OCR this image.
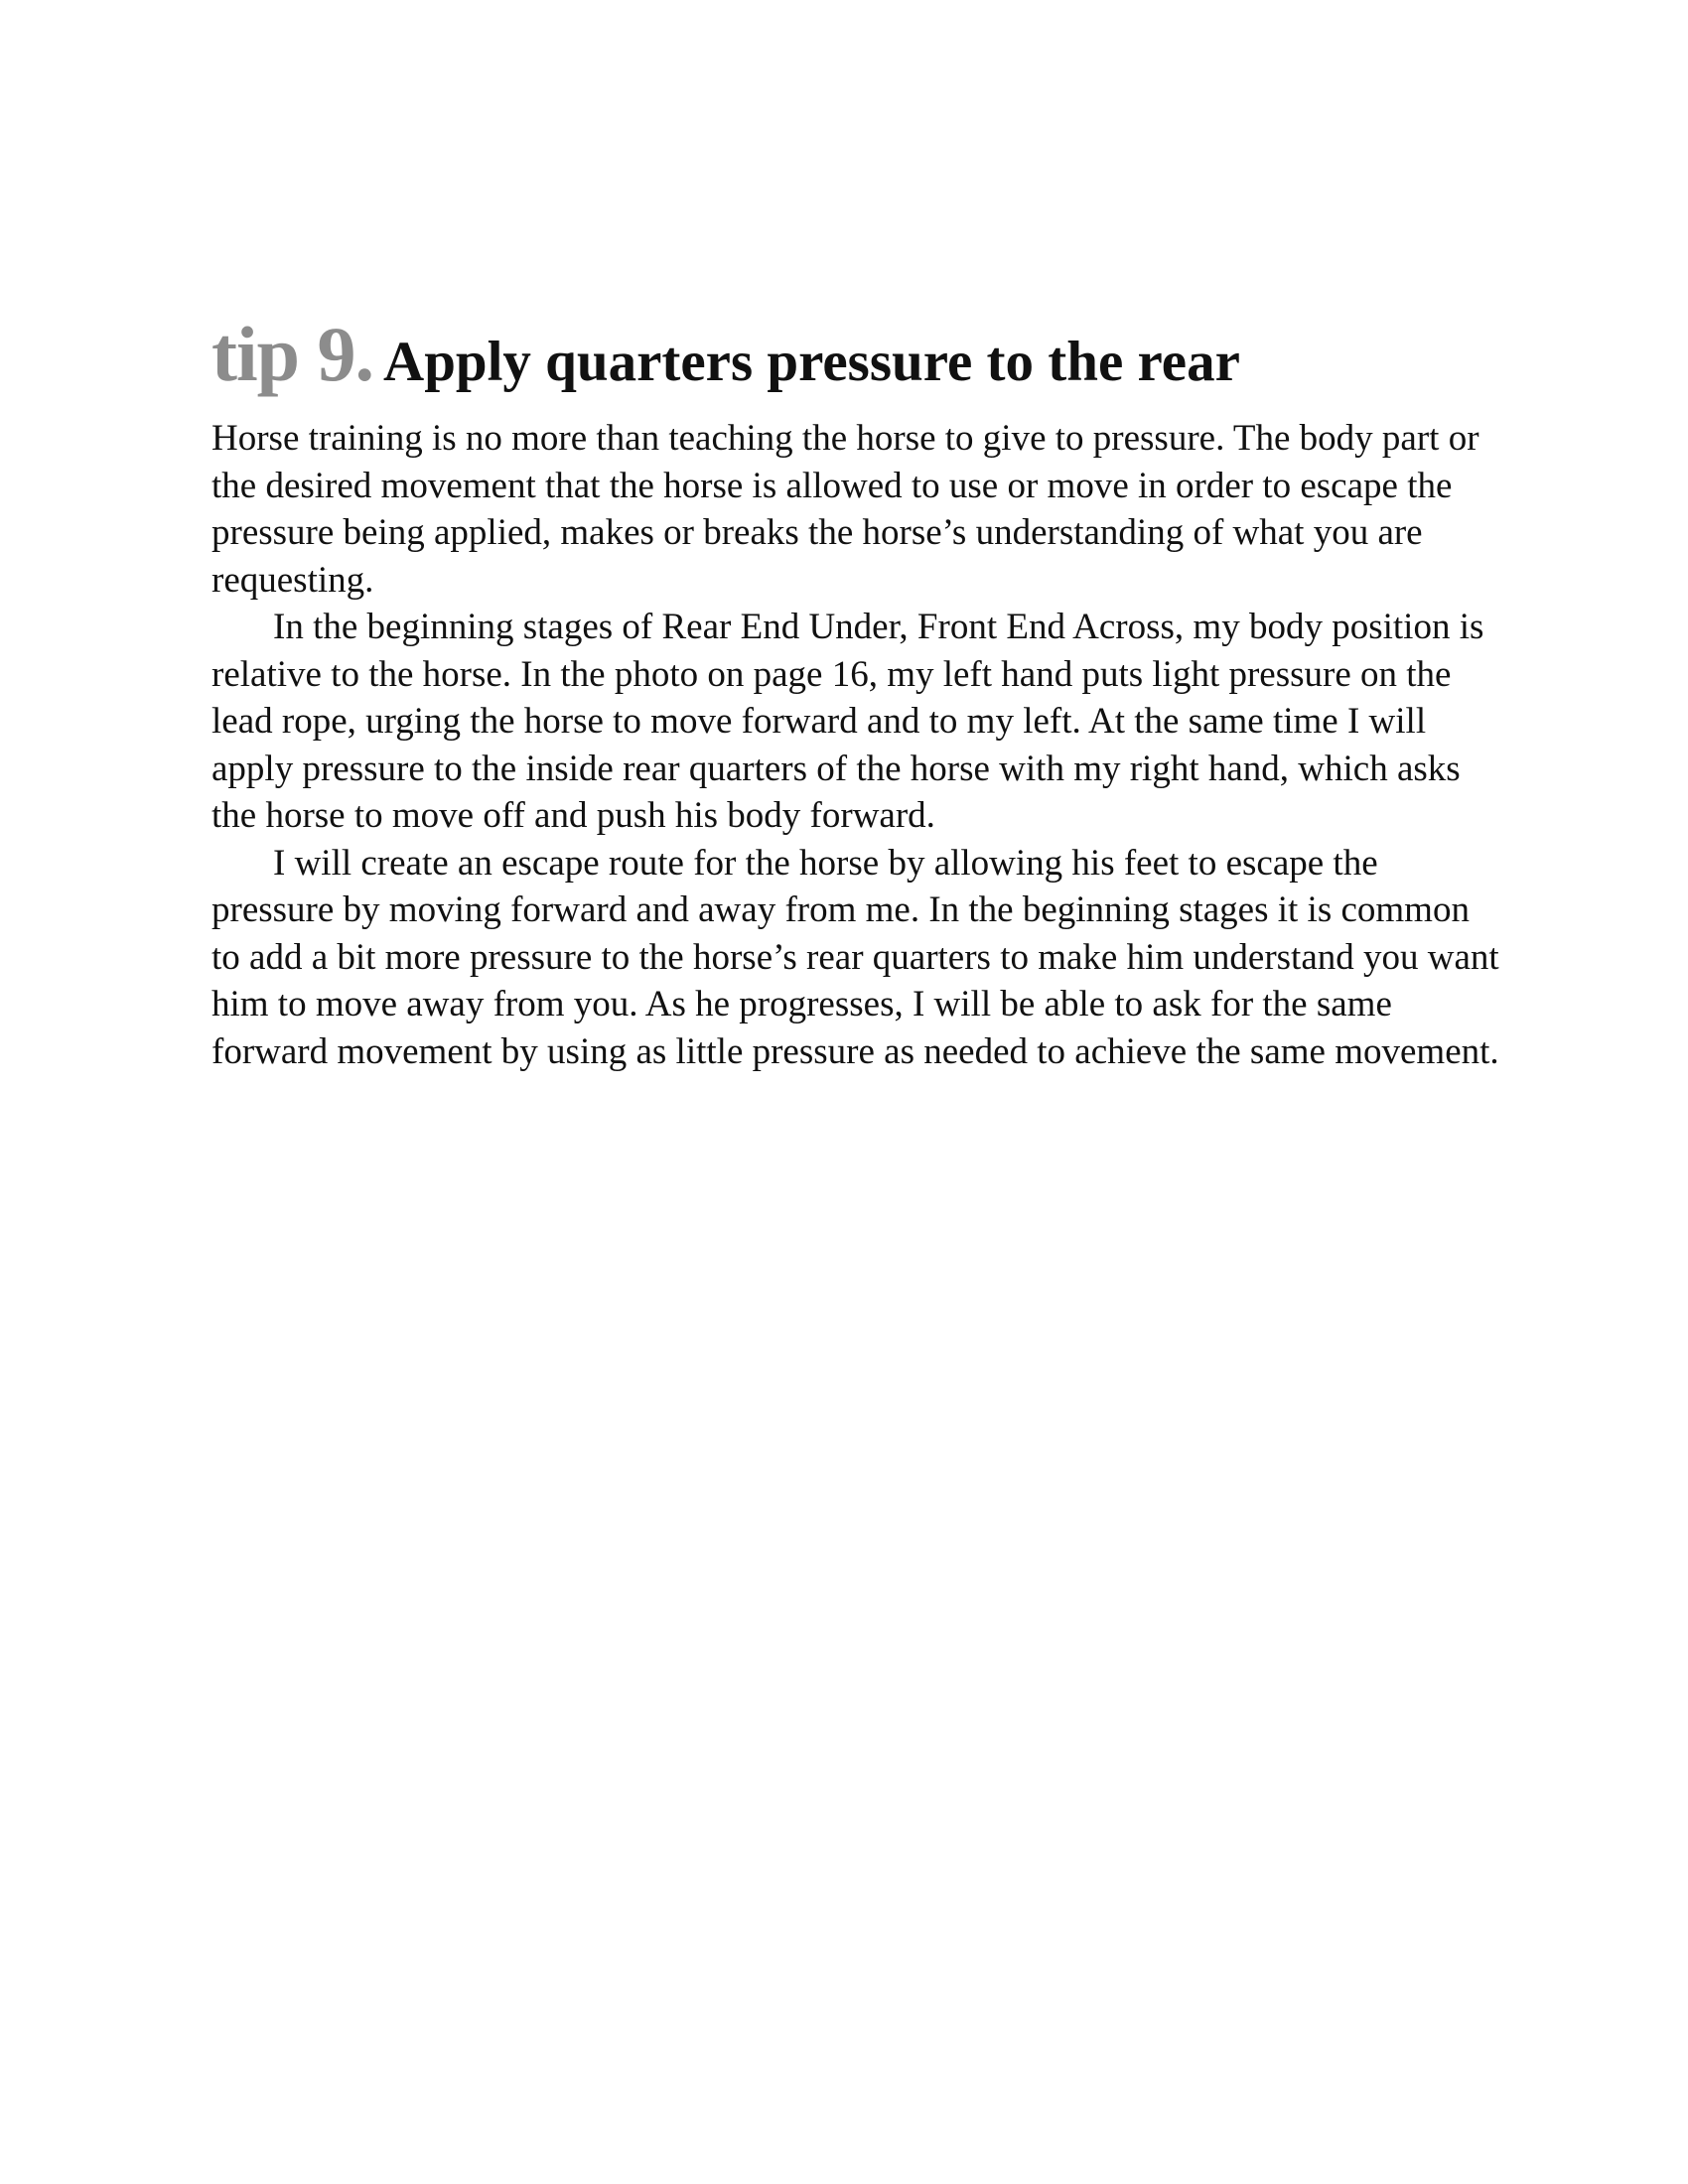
tip 9. Apply quarters pressure to the rear

Horse training is no more than teaching the horse to give to pressure. The body part or the desired movement that the horse is allowed to use or move in order to escape the pressure being applied, makes or breaks the horse’s understanding of what you are requesting.

In the beginning stages of Rear End Under, Front End Across, my body position is relative to the horse. In the photo on page 16, my left hand puts light pressure on the lead rope, urging the horse to move forward and to my left. At the same time I will apply pressure to the inside rear quarters of the horse with my right hand, which asks the horse to move off and push his body forward.

I will create an escape route for the horse by allowing his feet to escape the pressure by moving forward and away from me. In the beginning stages it is common to add a bit more pressure to the horse’s rear quarters to make him understand you want him to move away from you. As he progresses, I will be able to ask for the same forward movement by using as little pressure as needed to achieve the same movement.
